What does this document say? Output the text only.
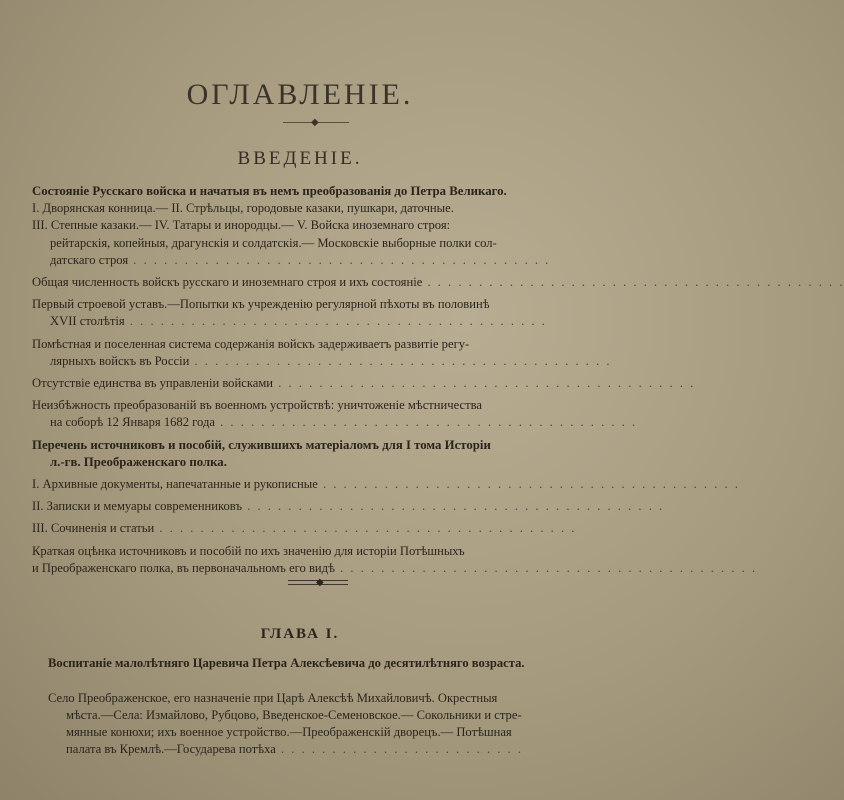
ОГЛАВЛЕНІЕ.
◆
ВВЕДЕНІЕ.
Состояніе Русскаго войска и начатыя въ немъ преобразованія до Петра Великаго.
I. Дворянская конница.— II. Стрѣльцы, городовые казаки, пушкари, даточные.
III. Степные казаки.— IV. Татары и инородцы.— V. Войска иноземнаго строя:
рейтарскія, копейныя, драгунскія и солдатскія.— Московскіе выборные полки сол-
датскаго строя . . . . . . . . . . . . . . . . . . . . . . . . . . . . . . . . . . . . . . . . .
Общая численность войскъ русскаго и иноземнаго строя и ихъ состояніе . . . . . . . . . . . . . . . . . . . . . . . . . . . . . . . . . . . . . . . . .
Первый строевой уставъ.—Попытки къ учрежденію регулярной пѣхоты въ половинѣ
XVII столѣтія . . . . . . . . . . . . . . . . . . . . . . . . . . . . . . . . . . . . . . . . .
Помѣстная и поселенная система содержанія войскъ задерживаетъ развитіе регу-
лярныхъ войскъ въ Россіи . . . . . . . . . . . . . . . . . . . . . . . . . . . . . . . . . . . . . . . . .
Отсутствіе единства въ управленіи войсками . . . . . . . . . . . . . . . . . . . . . . . . . . . . . . . . . . . . . . . . .
Неизбѣжность преобразованій въ военномъ устройствѣ: уничтоженіе мѣстничества
на соборѣ 12 Января 1682 года . . . . . . . . . . . . . . . . . . . . . . . . . . . . . . . . . . . . . . . . .
Перечень источниковъ и пособій, служившихъ матеріаломъ для I тома Исторіи
л.-гв. Преображенскаго полка.
I. Архивные документы, напечатанные и рукописные . . . . . . . . . . . . . . . . . . . . . . . . . . . . . . . . . . . . . . . . .
II. Записки и мемуары современниковъ . . . . . . . . . . . . . . . . . . . . . . . . . . . . . . . . . . . . . . . . .
III. Сочиненія и статьи . . . . . . . . . . . . . . . . . . . . . . . . . . . . . . . . . . . . . . . . .
Краткая оцѣнка источниковъ и пособій по ихъ значенію для исторіи Потѣшныхъ
и Преображенскаго полка, въ первоначальномъ его видѣ . . . . . . . . . . . . . . . . . . . . . . . . . . . . . . . . . . . . . . . . .
◆
ГЛАВА I.
Воспитаніе малолѣтняго Царевича Петра Алексѣевича до десятилѣтняго возраста.
Село Преображенское, его назначеніе при Царѣ Алексѣѣ Михайловичѣ. Окрестныя
мѣста.—Села: Измайлово, Рубцово, Введенское-Семеновское.— Сокольники и стре-
мянные конюхи; ихъ военное устройство.—Преображенскій дворецъ.— Потѣшная
палата въ Кремлѣ.—Государева потѣха . . . . . . . . . . . . . . . . . . . . . . . .
